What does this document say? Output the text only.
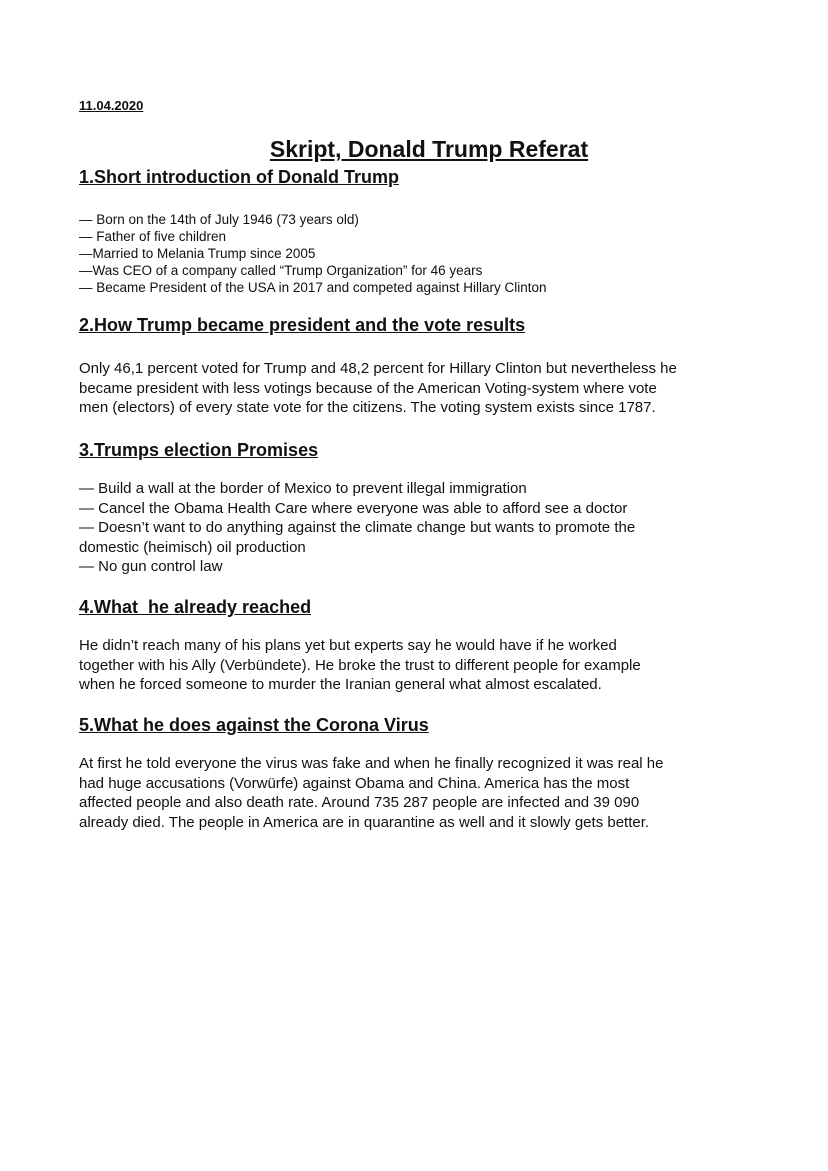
11.04.2020
Skript, Donald Trump Referat
1.Short introduction of Donald Trump
— Born on the 14th of July 1946 (73 years old)
— Father of five children
—Married to Melania Trump since 2005
—Was CEO of a company called “Trump Organization” for 46 years
— Became President of the USA in 2017 and competed against Hillary Clinton
2.How Trump became president and the vote results
Only 46,1 percent voted for Trump and 48,2 percent for Hillary Clinton but nevertheless he
became president with less votings because of the American Voting-system where vote
men (electors) of every state vote for the citizens. The voting system exists since 1787.
3.Trumps election Promises
— Build a wall at the border of Mexico to prevent illegal immigration
— Cancel the Obama Health Care where everyone was able to afford see a doctor
— Doesn’t want to do anything against the climate change but wants to promote the
domestic (heimisch) oil production
— No gun control law
4.What  he already reached
He didn’t reach many of his plans yet but experts say he would have if he worked
together with his Ally (Verbündete). He broke the trust to different people for example
when he forced someone to murder the Iranian general what almost escalated.
5.What he does against the Corona Virus
At first he told everyone the virus was fake and when he finally recognized it was real he
had huge accusations (Vorwürfe) against Obama and China. America has the most
affected people and also death rate. Around 735 287 people are infected and 39 090
already died. The people in America are in quarantine as well and it slowly gets better.
